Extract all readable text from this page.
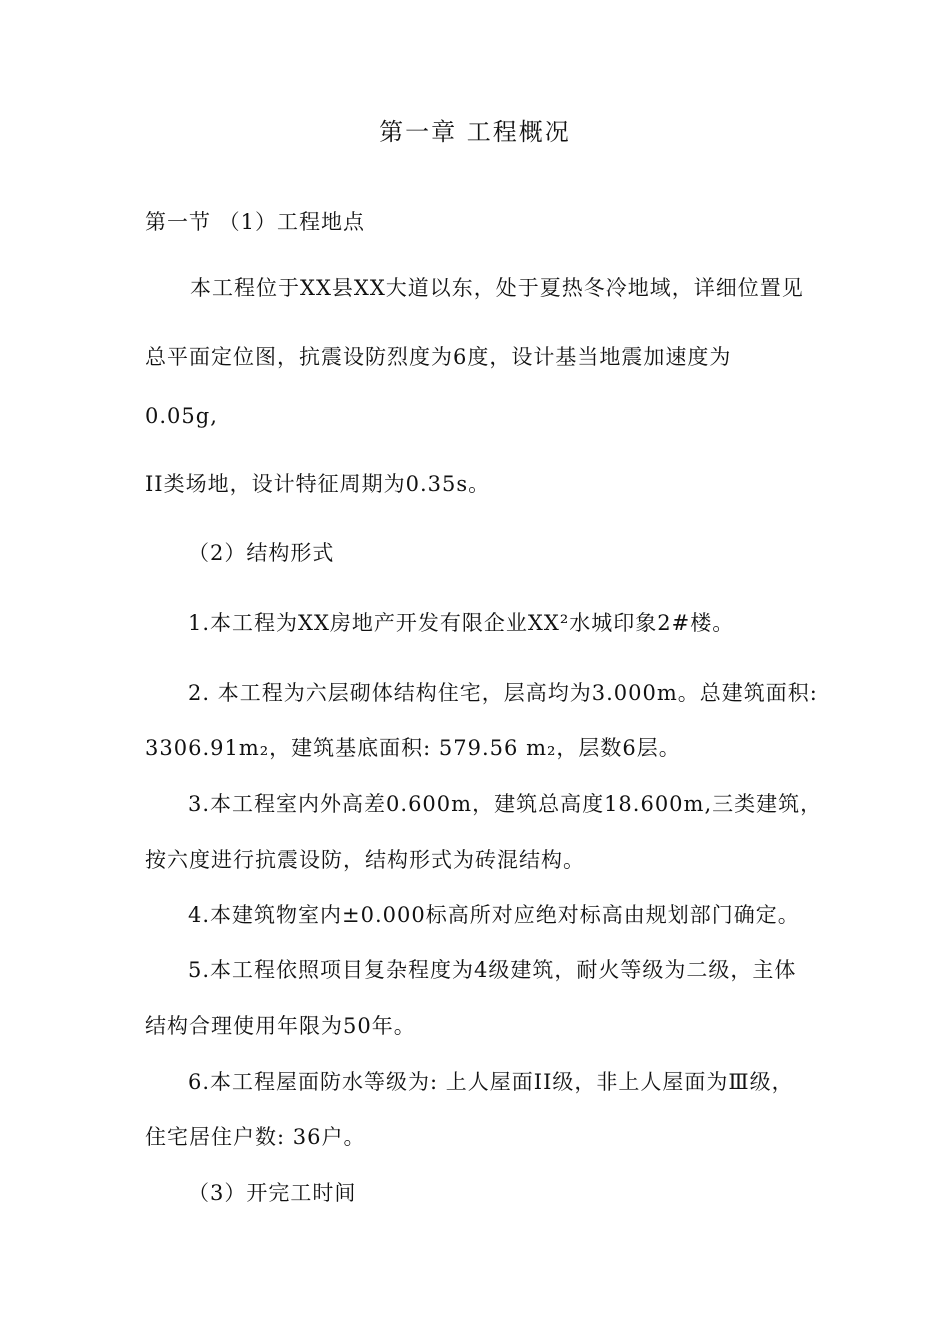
第一章 工程概况
第一节 （1）工程地点
本工程位于XX县XX大道以东，处于夏热冬冷地域，详细位置见
总平面定位图，抗震设防烈度为6度，设计基当地震加速度为
0.05g,
II类场地，设计特征周期为0.35s。
（2）结构形式
1.本工程为XX房地产开发有限企业XX²水城印象2#楼。
2. 本工程为六层砌体结构住宅，层高均为3.000m。总建筑面积:
3306.91m₂，建筑基底面积: 579.56 m₂，层数6层。
3.本工程室内外高差0.600m，建筑总高度18.600m,三类建筑，
按六度进行抗震设防，结构形式为砖混结构。
4.本建筑物室内±0.000标高所对应绝对标高由规划部门确定。
5.本工程依照项目复杂程度为4级建筑，耐火等级为二级，主体
结构合理使用年限为50年。
6.本工程屋面防水等级为: 上人屋面II级，非上人屋面为Ⅲ级，
住宅居住户数: 36户。
（3）开完工时间
